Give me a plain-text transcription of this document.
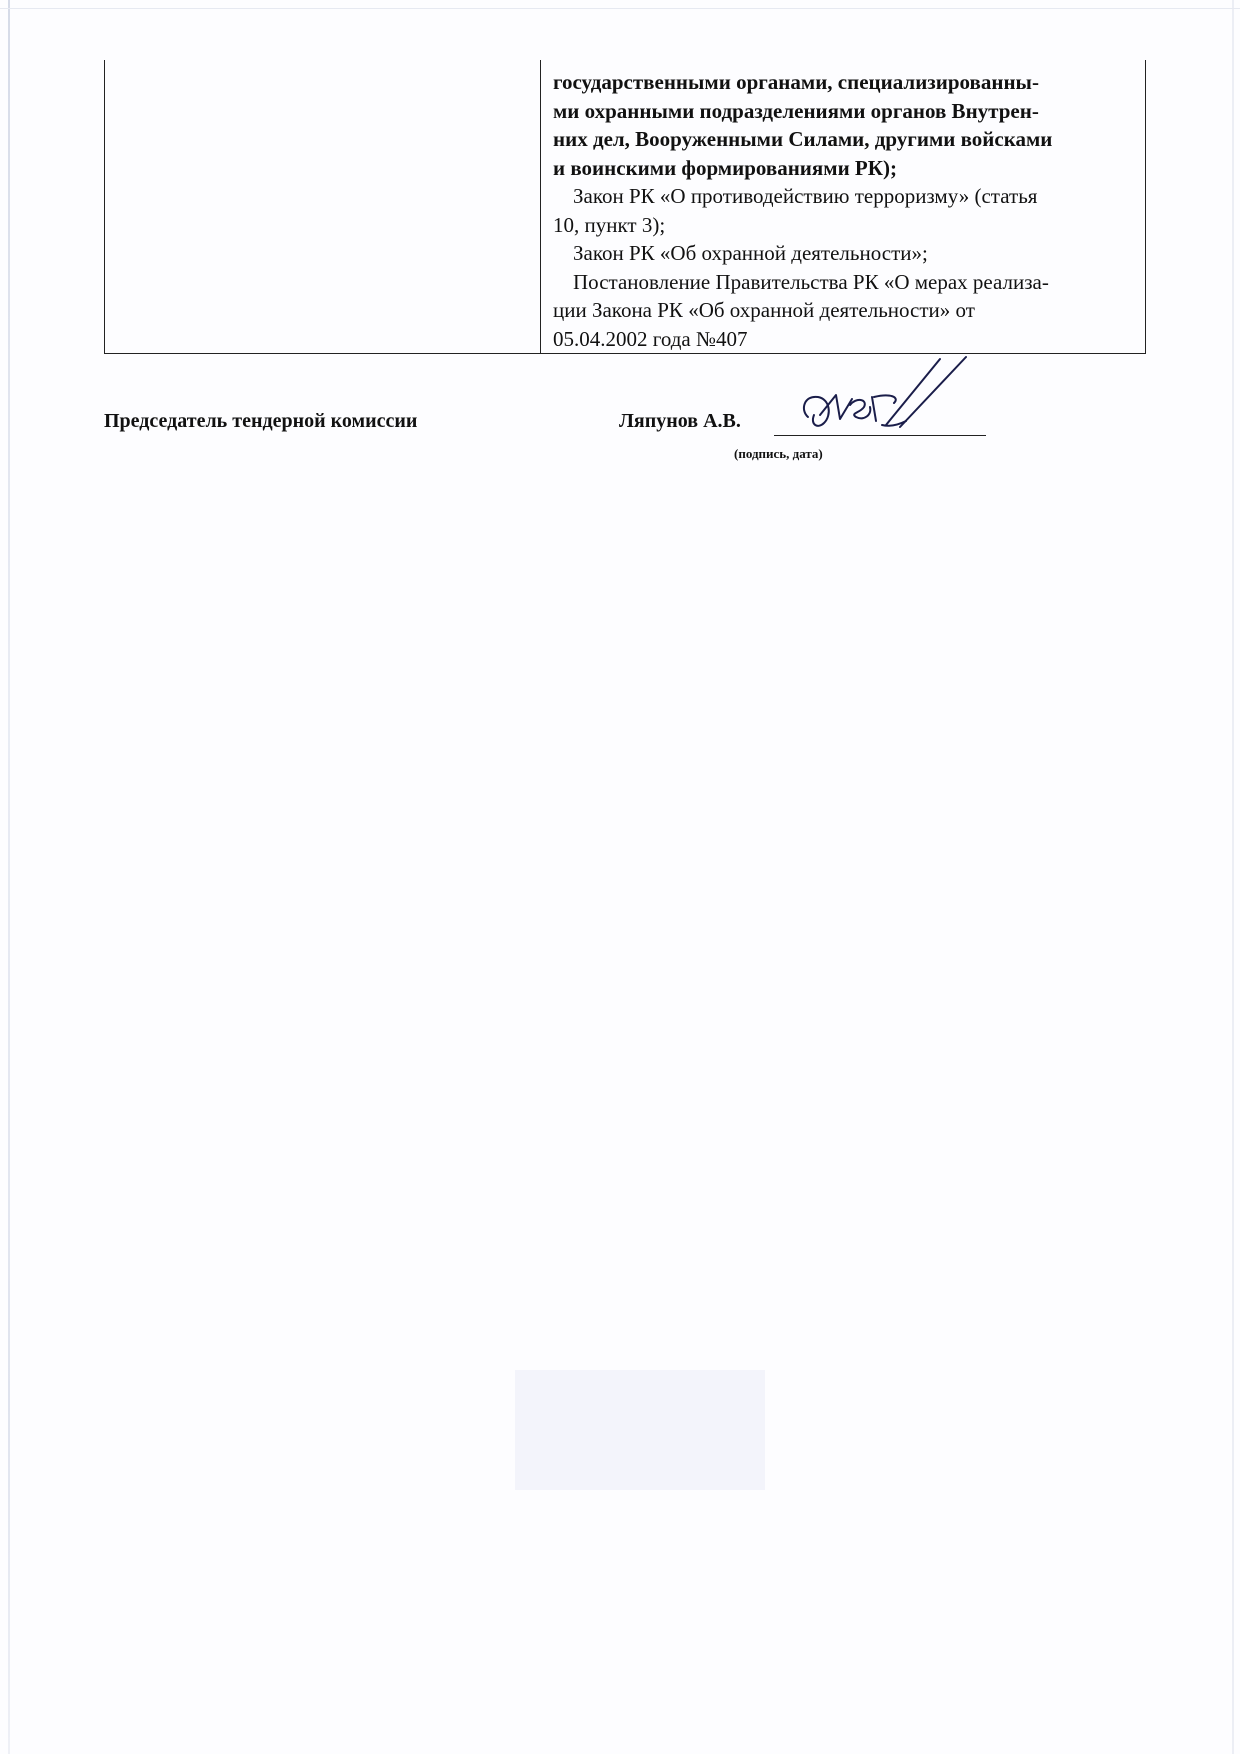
государственными органами, специализированны-
ми охранными подразделениями органов Внутрен-
них дел, Вооруженными Силами, другими войсками
и воинскими формированиями РК);
Закон РК «О противодействию терроризму» (статья
10, пункт 3);
Закон РК «Об охранной деятельности»;
Постановление Правительства РК «О мерах реализа-
ции Закона РК «Об охранной деятельности» от
05.04.2002 года №407
Председатель тендерной комиссии	Ляпунов А.В.
(подпись, дата)
